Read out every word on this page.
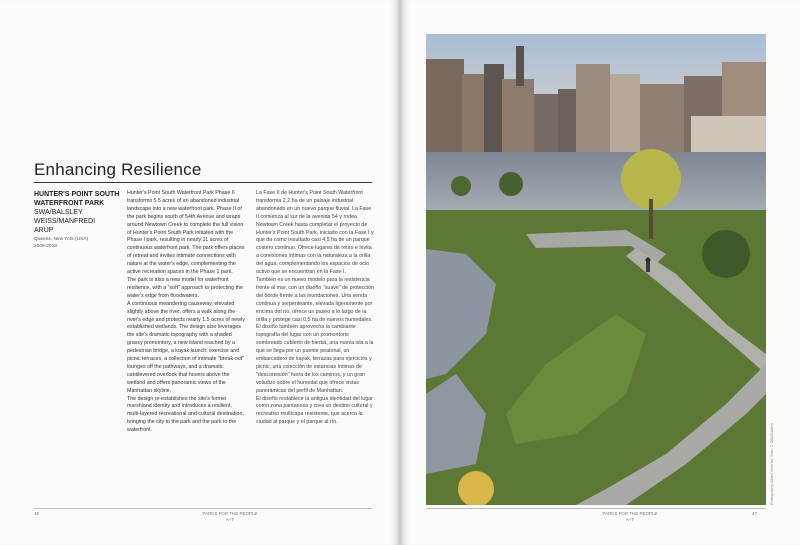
Enhancing Resilience
HUNTER'S POINT SOUTH WATERFRONT PARK
SWA/BALSLEY
WEISS/MANFREDI
ARUP
Queens, New York (USA)
2009-2018

Hunter's Point South Waterfront Park Phase II transforms 5.5 acres of an abandoned industrial landscape into a new waterfront park. Phase II of the park begins south of 54th Avenue and wraps around Newtown Creek to complete the full vision of Hunter's Point South Park initiated with the Phase I park, resulting in nearly 11 acres of continuous waterfront park. The park offers places of retreat and invites intimate connections with nature at the water's edge, complementing the active recreation spaces in the Phase 1 park.

The park is also a new model for waterfront resilience, with a "soft" approach to protecting the water's edge from floodwaters.

A continuous meandering causeway, elevated slightly above the river, offers a walk along the river's edge and protects nearly 1.5 acres of newly established wetlands. The design also leverages the site's dramatic topography with a shaded grassy promontory, a new island reached by a pedestrian bridge, a kayak launch, exercise and picnic terraces, a collection of intimate "break-out" lounges off the pathways, and a dramatic cantilevered overlook that hovers above the wetland and offers panoramic views of the Manhattan skyline.

The design re-establishes the site's former marshland identity and introduces a resilient, multi-layered recreational and cultural destination, bringing the city to the park and the park to the waterfront.

La Fase II de Hunter's Point South Waterfront transforma 2,2 ha de un paisaje industrial abandonado en un nuevo parque fluvial. La Fase II comienza al sur de la avenida 54 y rodea Newtown Creek hasta completar el proyecto de Hunter's Point South Park, iniciado con la Fase I y que da como resultado casi 4,5 ha de un parque costero continuo. Ofrece lugares de retiro e invita a conexiones íntimas con la naturaleza a la orilla del agua, complementando los espacios de ocio activo que se encuentran en la Fase I.

También es un nuevo modelo para la resistencia frente al mar, con un diseño "suave" de protección del borde frente a las inundaciones. Una senda continua y serpenteante, elevada ligeramente por encima del río, ofrece un paseo a lo largo de la orilla y protege casi 0,5 ha de nuevos humedales. El diseño también aprovecha la cambiante topografía del lugar con un promontorio sombreado cubierto de hierba, una nueva isla a la que se llega por un puente peatonal, un embarcadero de kayak, terrazas para ejercicios y picnic, una colección de estancias íntimas de "desconexión" fuera de los caminos, y un gran voladizo sobre el humedal que ofrece vistas panorámicas del perfil de Manhattan.

El diseño restablece la antigua identidad del lugar como zona pantanosa y crea un destino cultural y recreativo multicapa resistente, que acerca la ciudad al parque y el parque al río.

46	PARKS FOR THE PEOPLE
A+T
Photography: Albert Vecerka / Esto; © SWA/Balsley
PARKS FOR THE PEOPLE
A+T
47
